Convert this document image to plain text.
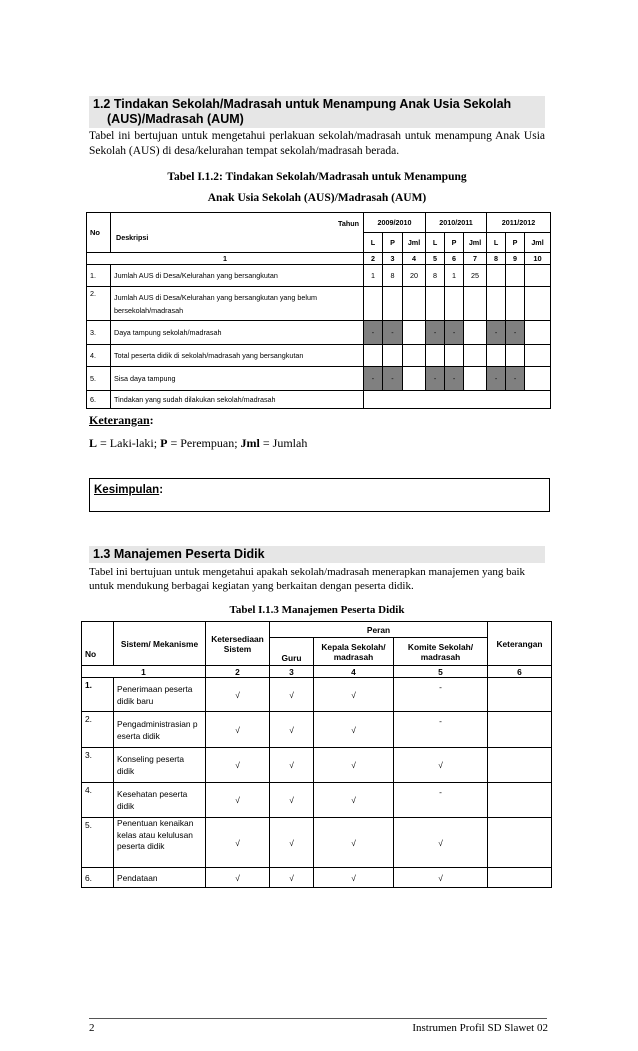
1.2 Tindakan Sekolah/Madrasah untuk Menampung Anak Usia Sekolah
(AUS)/Madrasah (AUM)
Tabel ini bertujuan untuk mengetahui perlakuan sekolah/madrasah untuk menampung Anak Usia Sekolah (AUS) di desa/kelurahan tempat sekolah/madrasah berada.
Tabel I.1.2: Tindakan Sekolah/Madrasah untuk Menampung
Anak Usia Sekolah (AUS)/Madrasah (AUM)
No	Tahun
Deskripsi	2009/2010			2010/2011			2011/2012		
		L	P	Jml	L	P	Jml	L	P	Jml
1		2	3	4	5	6	7	8	9	10
1.	Jumlah AUS di Desa/Kelurahan yang bersangkutan	1	8	20	8	1	25			
2.	Jumlah AUS di Desa/Kelurahan yang bersangkutan yang belum bersekolah/madrasah									
3.	Daya tampung sekolah/madrasah	-	-		-	-		-	-	
4.	Total peserta didik di sekolah/madrasah yang bersangkutan									
5.	Sisa daya tampung	-	-		-	-		-	-	
6.	Tindakan yang sudah dilakukan sekolah/madrasah									
Keterangan:
L = Laki-laki; P = Perempuan; Jml = Jumlah
Kesimpulan:
1.3 Manajemen Peserta Didik
Tabel ini bertujuan untuk mengetahui apakah sekolah/madrasah menerapkan manajemen yang baik untuk mendukung berbagai kegiatan yang berkaitan dengan peserta didik.
Tabel I.1.3 Manajemen Peserta Didik
No	Sistem/ Mekanisme	Ketersediaan Sistem	Peran			Keterangan
			Guru	Kepala Sekolah/ madrasah	Komite Sekolah/ madrasah	
1		2	3	4	5	6
1.	Penerimaan peserta didik baru	√	√	√	-	
2.	Pengadministrasian peserta didik	√	√	√	-	
3.	Konseling peserta didik	√	√	√	√	
4.	Kesehatan peserta didik	√	√	√	-	
5.	Penentuan kenaikan kelas atau kelulusan peserta didik	√	√	√	√	
6.	Pendataan	√	√	√	√	
2	Instrumen Profil SD Slawet 02
